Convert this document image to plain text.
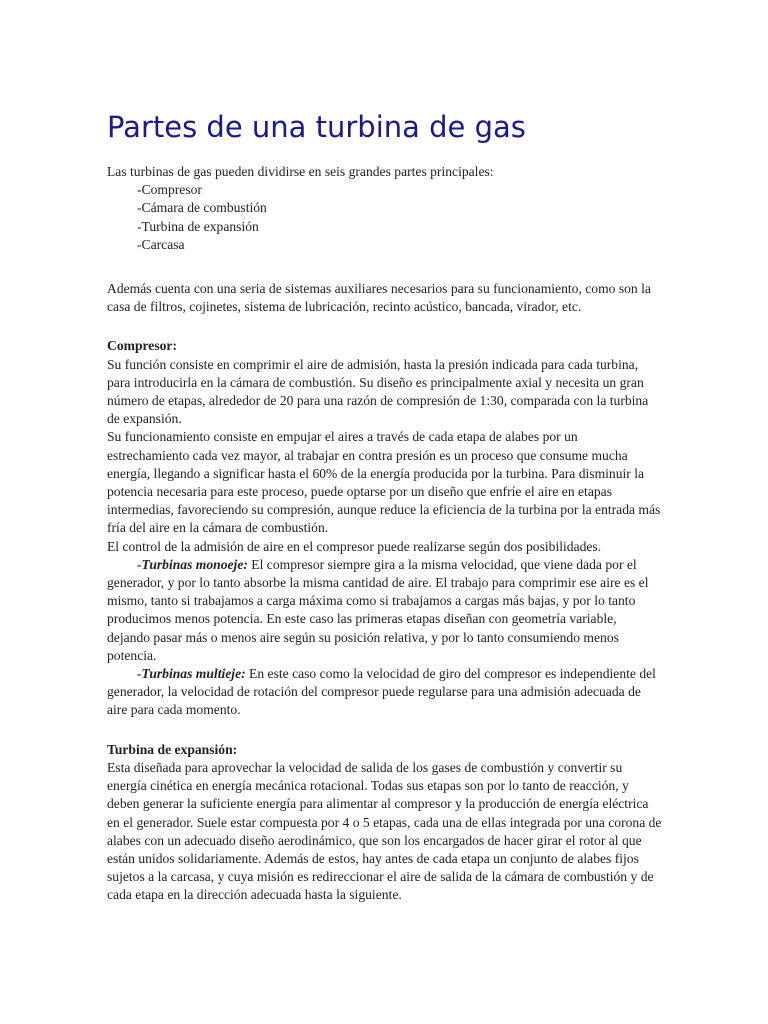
Partes de una turbina de gas

Las turbinas de gas pueden dividirse en seis grandes partes principales:

-Compresor

-Cámara de combustión

-Turbina de expansión

-Carcasa

Además cuenta con una seria de sistemas auxiliares necesarios para su funcionamiento, como son la casa de filtros, cojinetes, sistema de lubricación, recinto acústico, bancada, virador, etc.

Compresor:

Su función consiste en comprimir el aire de admisión, hasta la presión indicada para cada turbina, para introducirla en la cámara de combustión. Su diseño es principalmente axial y necesita un gran número de etapas, alrededor de 20 para una razón de compresión de 1:30, comparada con la turbina de expansión.

Su funcionamiento consiste en empujar el aires a través de cada etapa de alabes por un estrechamiento cada vez mayor, al trabajar en contra presión es un proceso que consume mucha energía, llegando a significar hasta el 60% de la energía producida por la turbina. Para disminuir la potencia necesaria para este proceso, puede optarse por un diseño que enfríe el aire en etapas intermedias, favoreciendo su compresión, aunque reduce la eficiencia de la turbina por la entrada más fría del aire en la cámara de combustión.

El control de la admisión de aire en el compresor puede realizarse según dos posibilidades.

-Turbinas monoeje: El compresor siempre gira a la misma velocidad, que viene dada por el generador, y por lo tanto absorbe la misma cantidad de aire. El trabajo para comprimir ese aire es el mismo, tanto si trabajamos a carga máxima como si trabajamos a cargas más bajas, y por lo tanto producimos menos potencia. En este caso las primeras etapas diseñan con geometría variable, dejando pasar más o menos aire según su posición relativa, y por lo tanto consumiendo menos potencia.

-Turbinas multieje: En este caso como la velocidad de giro del compresor es independiente del generador, la velocidad de rotación del compresor puede regularse para una admisión adecuada de aire para cada momento.

Turbina de expansión:

Esta diseñada para aprovechar la velocidad de salida de los gases de combustión y convertir su energía cinética en energía mecánica rotacional. Todas sus etapas son por lo tanto de reacción, y deben generar la suficiente energía para alimentar al compresor y la producción de energía eléctrica en el generador. Suele estar compuesta por 4 o 5 etapas, cada una de ellas integrada por una corona de alabes con un adecuado diseño aerodinámico, que son los encargados de hacer girar el rotor al que están unidos solidariamente. Además de estos, hay antes de cada etapa un conjunto de alabes fijos sujetos a la carcasa, y cuya misión es redireccionar el aire de salida de la cámara de combustión y de cada etapa en la dirección adecuada hasta la siguiente.
